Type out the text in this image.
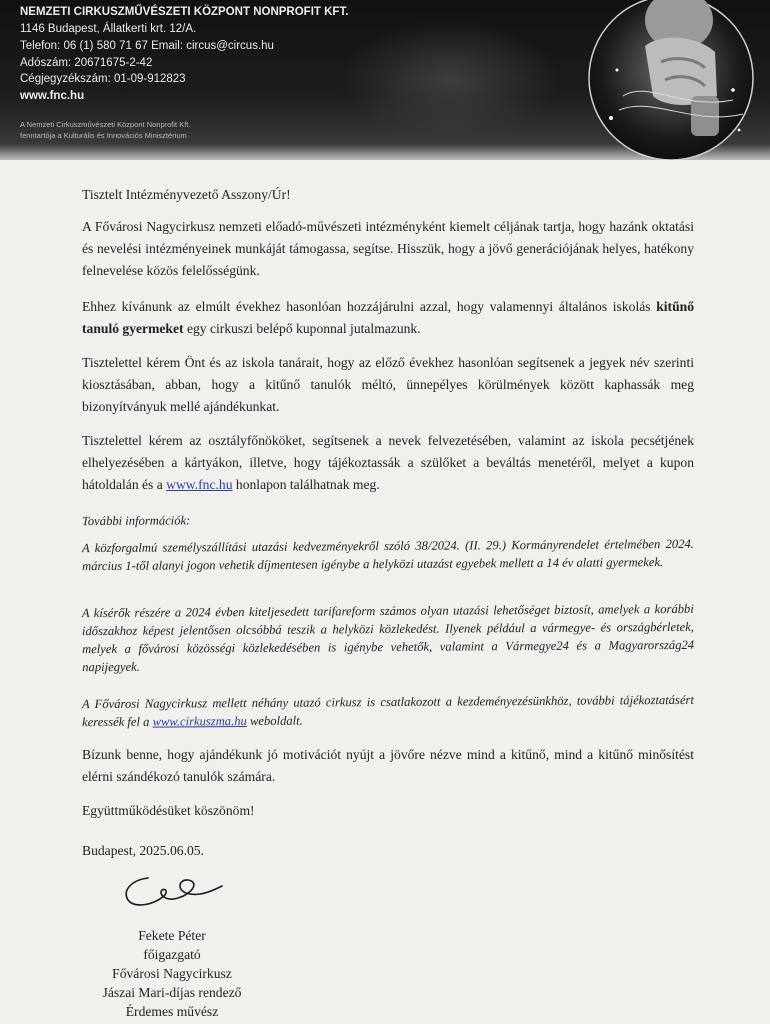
NEMZETI CIRKUSZMŰVÉSZETI KÖZPONT NONPROFIT KFT.
1146 Budapest, Állatkerti krt. 12/A.
Telefon: 06 (1) 580 71 67 Email: circus@circus.hu
Adószám: 20671675-2-42
Cégjegyzékszám: 01-09-912823
www.fnc.hu
A Nemzeti Cirkuszművészeti Központ Nonprofit Kft.
fenntartója a Kulturális és Innovációs Minisztérium

Tisztelt Intézményvezető Asszony/Úr!

A Fővárosi Nagycirkusz nemzeti előadó-művészeti intézményként kiemelt céljának tartja, hogy hazánk oktatási és nevelési intézményeinek munkáját támogassa, segítse. Hisszük, hogy a jövő generációjának helyes, hatékony felnevelése közös felelősségünk.

Ehhez kívánunk az elmúlt évekhez hasonlóan hozzájárulni azzal, hogy valamennyi általános iskolás kitűnő tanuló gyermeket egy cirkuszi belépő kuponnal jutalmazunk.

Tisztelettel kérem Önt és az iskola tanárait, hogy az előző évekhez hasonlóan segítsenek a jegyek név szerinti kiosztásában, abban, hogy a kitűnő tanulók méltó, ünnepélyes körülmények között kaphassák meg bizonyítványuk mellé ajándékunkat.

Tisztelettel kérem az osztályfőnököket, segítsenek a nevek felvezetésében, valamint az iskola pecsétjének elhelyezésében a kártyákon, illetve, hogy tájékoztassák a szülőket a beváltás menetéről, melyet a kupon hátoldalán és a www.fnc.hu honlapon találhatnak meg.

További információk:

A közforgalmú személyszállítási utazási kedvezményekről szóló 38/2024. (II. 29.) Kormányrendelet értelmében 2024. március 1-től alanyi jogon vehetik díjmentesen igénybe a helyközi utazást egyebek mellett a 14 év alatti gyermekek.

A kísérők részére a 2024 évben kiteljesedett tarifareform számos olyan utazási lehetőséget biztosít, amelyek a korábbi időszakhoz képest jelentősen olcsóbbá teszik a helyközi közlekedést. Ilyenek például a vármegye- és országbérletek, melyek a fővárosi közösségi közlekedésében is igénybe vehetők, valamint a Vármegye24 és a Magyarország24 napijegyek.

A Fővárosi Nagycirkusz mellett néhány utazó cirkusz is csatlakozott a kezdeményezésünkhöz, további tájékoztatásért keressék fel a www.cirkuszma.hu weboldalt.

Bízunk benne, hogy ajándékunk jó motivációt nyújt a jövőre nézve mind a kitűnő, mind a kitűnő minősítést elérni szándékozó tanulók számára.

Együttműködésüket köszönöm!

Budapest, 2025.06.05.

Fekete Péter
főigazgató
Fővárosi Nagycirkusz
Jászai Mari-díjas rendező
Érdemes művész
